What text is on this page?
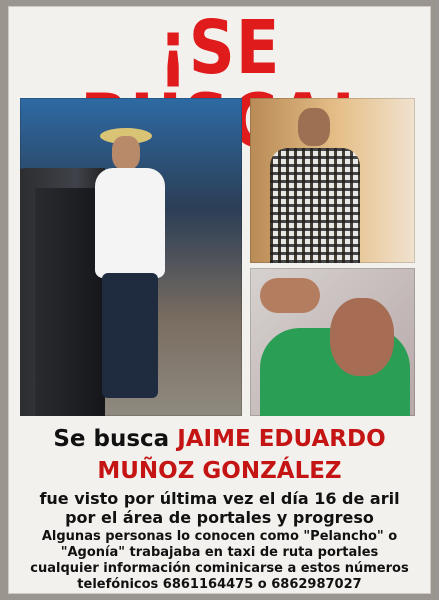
¡SE
Se busca JAIME EDUARDO
MUÑOZ GONZÁLEZ
fue visto por última vez el día 16 de aril
por el área de portales y progreso
Algunas personas lo conocen como "Pelancho" o
"Agonía" trabajaba en taxi de ruta portales
cualquier información cominicarse a estos números
telefónicos 6861164475 o 6862987027
